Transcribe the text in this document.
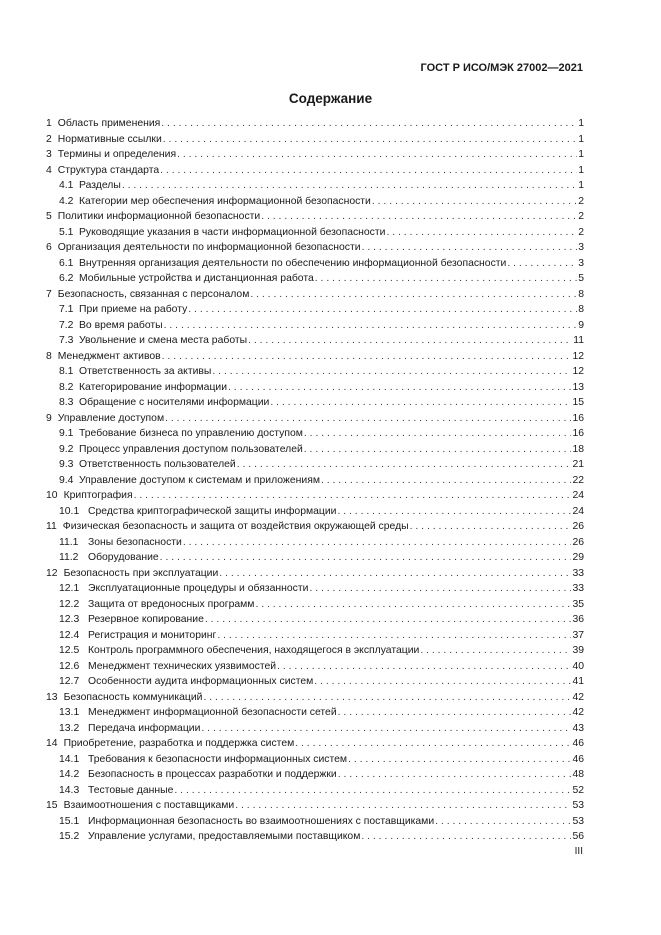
ГОСТ Р ИСО/МЭК 27002—2021
Содержание
1 Область применения . . .	1
2 Нормативные ссылки . . .	1
3 Термины и определения . . .	1
4 Структура стандарта . . .	1
4.1 Разделы . . .	1
4.2 Категории мер обеспечения информационной безопасности . . .	2
5 Политики информационной безопасности . . .	2
5.1 Руководящие указания в части информационной безопасности . . .	2
6 Организация деятельности по информационной безопасности . . .	3
6.1 Внутренняя организация деятельности по обеспечению информационной безопасности . . .	3
6.2 Мобильные устройства и дистанционная работа . . .	5
7 Безопасность, связанная с персоналом . . .	8
7.1 При приеме на работу . . .	8
7.2 Во время работы . . .	9
7.3 Увольнение и смена места работы . . .	11
8 Менеджмент активов . . .	12
8.1 Ответственность за активы . . .	12
8.2 Категорирование информации . . .	13
8.3 Обращение с носителями информации . . .	15
9 Управление доступом . . .	16
9.1 Требование бизнеса по управлению доступом . . .	16
9.2 Процесс управления доступом пользователей . . .	18
9.3 Ответственность пользователей . . .	21
9.4 Управление доступом к системам и приложениям . . .	22
10 Криптография . . .	24
10.1 Средства криптографической защиты информации . . .	24
11 Физическая безопасность и защита от воздействия окружающей среды . . .	26
11.1 Зоны безопасности . . .	26
11.2 Оборудование . . .	29
12 Безопасность при эксплуатации . . .	33
12.1 Эксплуатационные процедуры и обязанности . . .	33
12.2 Защита от вредоносных программ . . .	35
12.3 Резервное копирование . . .	36
12.4 Регистрация и мониторинг . . .	37
12.5 Контроль программного обеспечения, находящегося в эксплуатации . . .	39
12.6 Менеджмент технических уязвимостей . . .	40
12.7 Особенности аудита информационных систем . . .	41
13 Безопасность коммуникаций . . .	42
13.1 Менеджмент информационной безопасности сетей . . .	42
13.2 Передача информации . . .	43
14 Приобретение, разработка и поддержка систем . . .	46
14.1 Требования к безопасности информационных систем . . .	46
14.2 Безопасность в процессах разработки и поддержки . . .	48
14.3 Тестовые данные . . .	52
15 Взаимоотношения с поставщиками . . .	53
15.1 Информационная безопасность во взаимоотношениях с поставщиками . . .	53
15.2 Управление услугами, предоставляемыми поставщиком . . .	56
III
